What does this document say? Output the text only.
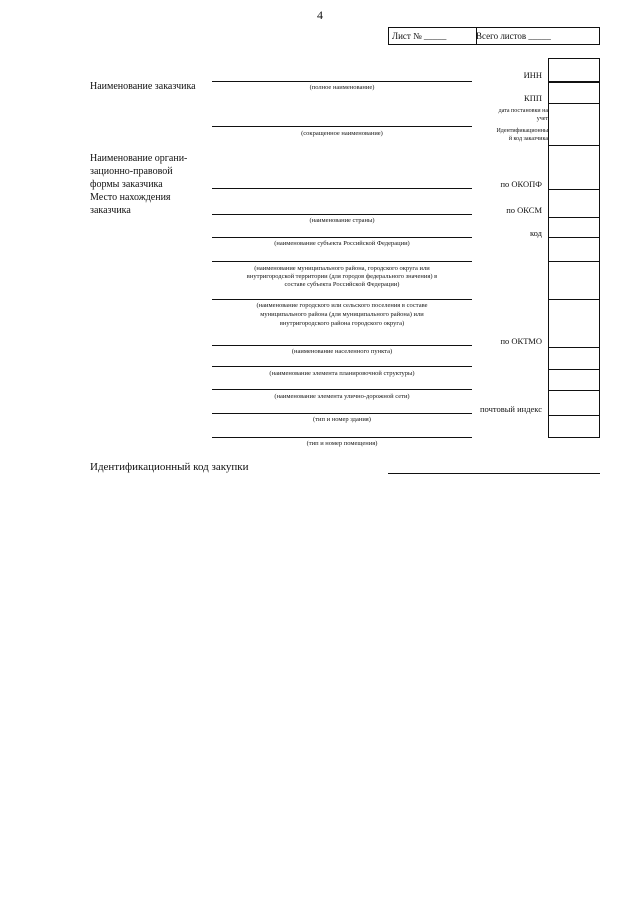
4
Лист № _____	Всего листов _____
Наименование заказчика
Наименование органи-
зационно-правовой
формы заказчика
Место нахождения
заказчика
(полное наименование)
(сокращенное наименование)
(наименование страны)
(наименование субъекта Российской Федерации)
(наименование муниципального района, городского округа или
внутригородской территории (для городов федерального значения) в
составе субъекта Российской Федерации)
(наименование городского или сельского поселения в составе
муниципального района (для муниципального района) или
внутригородского района городского округа)
(наименование населенного пункта)
(наименование элемента планировочной структуры)
(наименование элемента улично-дорожной сети)
(тип и номер здания)
(тип и номер помещения)
ИНН
КПП
дата постановки на
учет
Идентификационны
й код заказчика
по ОКОПФ
по ОКСМ
код
по ОКТМО
почтовый индекс
Идентификационный код закупки
